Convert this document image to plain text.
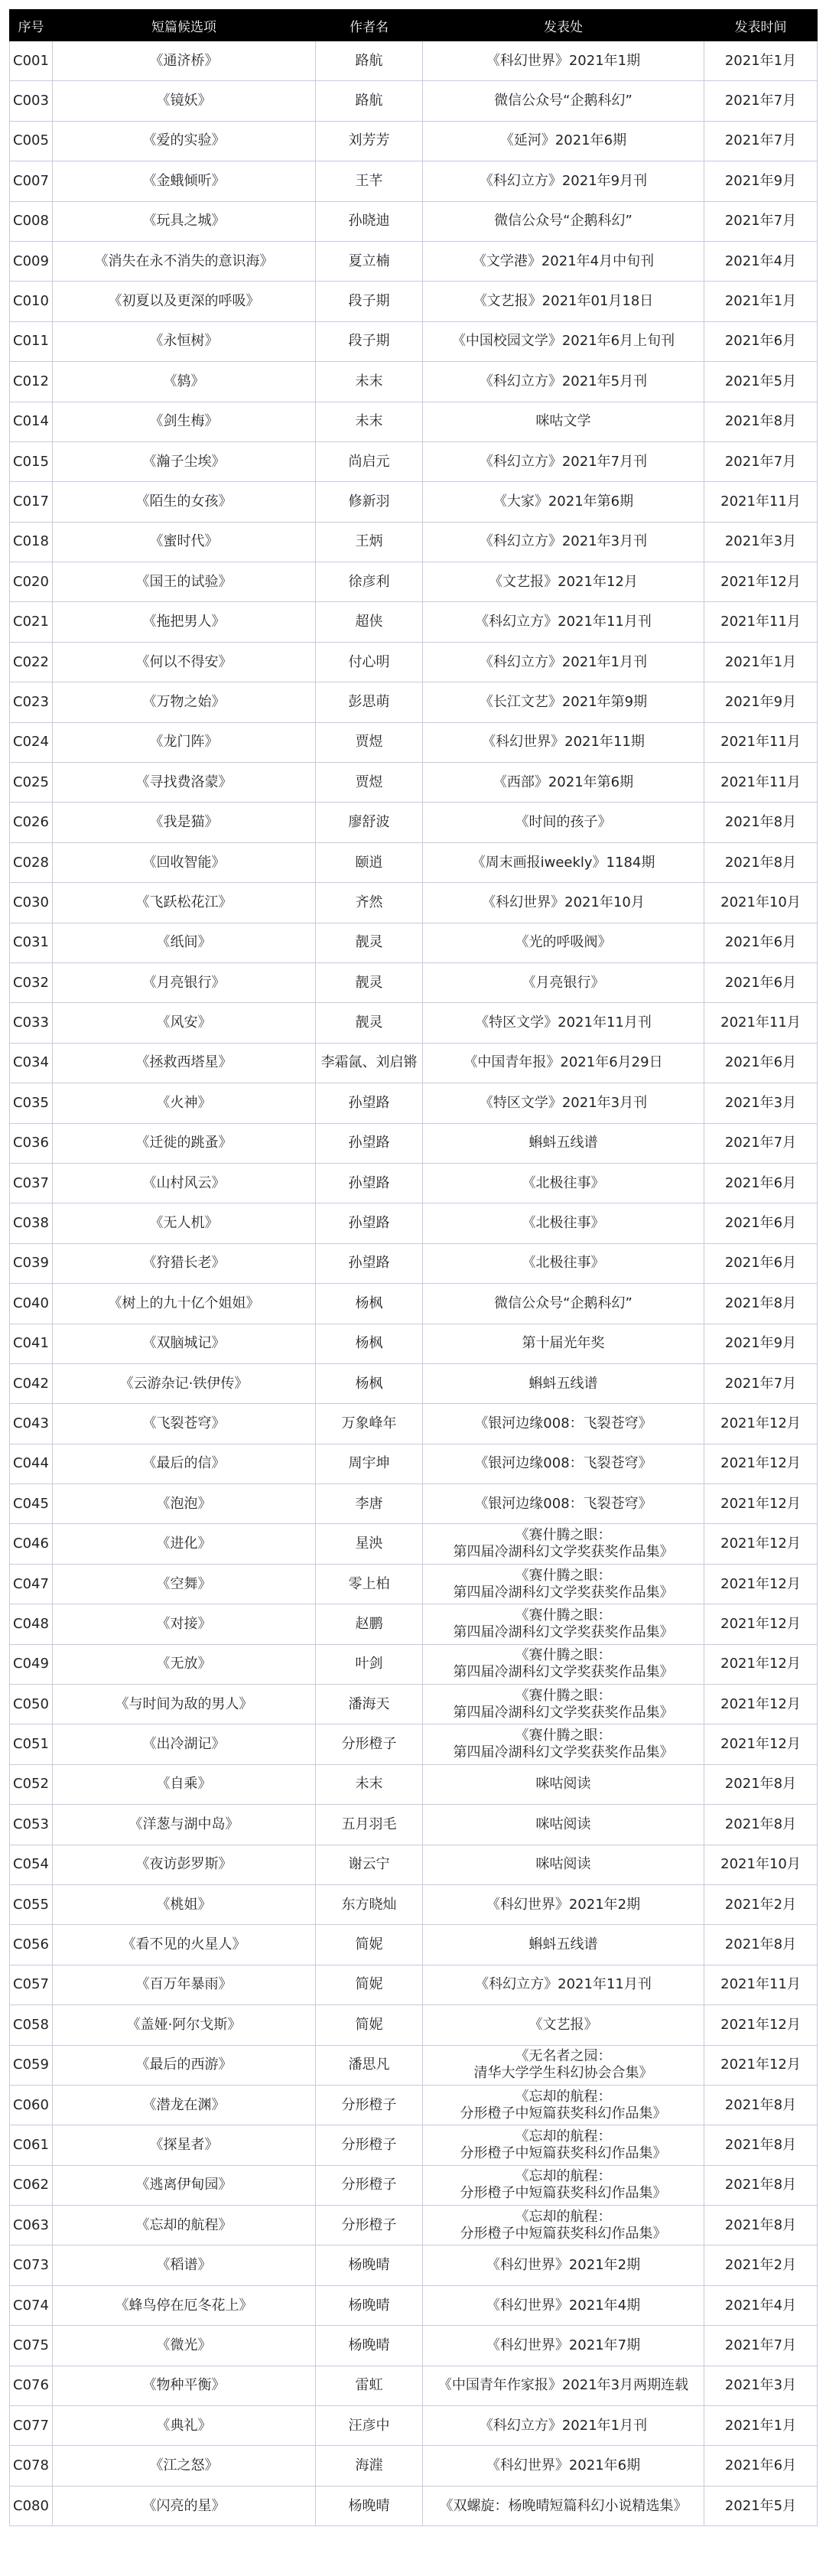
序号	短篇候选项	作者名	发表处	发表时间
C001	《通济桥》	路航	《科幻世界》2021年1期	2021年1月
C003	《镜妖》	路航	微信公众号“企鹅科幻”	2021年7月
C005	《爱的实验》	刘芳芳	《延河》2021年6期	2021年7月
C007	《金蛾倾听》	王芊	《科幻立方》2021年9月刊	2021年9月
C008	《玩具之城》	孙晓迪	微信公众号“企鹅科幻”	2021年7月
C009	《消失在永不消失的意识海》	夏立楠	《文学港》2021年4月中旬刊	2021年4月
C010	《初夏以及更深的呼吸》	段子期	《文艺报》2021年01月18日	2021年1月
C011	《永恒树》	段子期	《中国校园文学》2021年6月上旬刊	2021年6月
C012	《鸫》	未末	《科幻立方》2021年5月刊	2021年5月
C014	《剑生梅》	未末	咪咕文学	2021年8月
C015	《瀚子尘埃》	尚启元	《科幻立方》2021年7月刊	2021年7月
C017	《陌生的女孩》	修新羽	《大家》2021年第6期	2021年11月
C018	《蜜时代》	王炳	《科幻立方》2021年3月刊	2021年3月
C020	《国王的试验》	徐彦利	《文艺报》2021年12月	2021年12月
C021	《拖把男人》	超侠	《科幻立方》2021年11月刊	2021年11月
C022	《何以不得安》	付心明	《科幻立方》2021年1月刊	2021年1月
C023	《万物之始》	彭思萌	《长江文艺》2021年第9期	2021年9月
C024	《龙门阵》	贾煜	《科幻世界》2021年11期	2021年11月
C025	《寻找费洛蒙》	贾煜	《西部》2021年第6期	2021年11月
C026	《我是猫》	廖舒波	《时间的孩子》	2021年8月
C028	《回收智能》	颐逍	《周末画报iweekly》1184期	2021年8月
C030	《飞跃松花江》	齐然	《科幻世界》2021年10月	2021年10月
C031	《纸间》	靓灵	《光的呼吸阀》	2021年6月
C032	《月亮银行》	靓灵	《月亮银行》	2021年6月
C033	《风安》	靓灵	《特区文学》2021年11月刊	2021年11月
C034	《拯救西塔星》	李霜氤、刘启锵	《中国青年报》2021年6月29日	2021年6月
C035	《火神》	孙望路	《特区文学》2021年3月刊	2021年3月
C036	《迁徙的跳蚤》	孙望路	蝌蚪五线谱	2021年7月
C037	《山村风云》	孙望路	《北极往事》	2021年6月
C038	《无人机》	孙望路	《北极往事》	2021年6月
C039	《狩猎长老》	孙望路	《北极往事》	2021年6月
C040	《树上的九十亿个姐姐》	杨枫	微信公众号“企鹅科幻”	2021年8月
C041	《双脑城记》	杨枫	第十届光年奖	2021年9月
C042	《云游杂记·铁伊传》	杨枫	蝌蚪五线谱	2021年7月
C043	《飞裂苍穹》	万象峰年	《银河边缘008：飞裂苍穹》	2021年12月
C044	《最后的信》	周宇坤	《银河边缘008：飞裂苍穹》	2021年12月
C045	《泡泡》	李唐	《银河边缘008：飞裂苍穹》	2021年12月
C046	《进化》	星泱	《赛什腾之眼：
第四届冷湖科幻文学奖获奖作品集》	2021年12月
C047	《空舞》	零上柏	《赛什腾之眼：
第四届冷湖科幻文学奖获奖作品集》	2021年12月
C048	《对接》	赵鹏	《赛什腾之眼：
第四届冷湖科幻文学奖获奖作品集》	2021年12月
C049	《无放》	叶剑	《赛什腾之眼：
第四届冷湖科幻文学奖获奖作品集》	2021年12月
C050	《与时间为敌的男人》	潘海天	《赛什腾之眼：
第四届冷湖科幻文学奖获奖作品集》	2021年12月
C051	《出冷湖记》	分形橙子	《赛什腾之眼：
第四届冷湖科幻文学奖获奖作品集》	2021年12月
C052	《自乘》	未末	咪咕阅读	2021年8月
C053	《洋葱与湖中岛》	五月羽毛	咪咕阅读	2021年8月
C054	《夜访彭罗斯》	谢云宁	咪咕阅读	2021年10月
C055	《桃姐》	东方晓灿	《科幻世界》2021年2期	2021年2月
C056	《看不见的火星人》	简妮	蝌蚪五线谱	2021年8月
C057	《百万年暴雨》	简妮	《科幻立方》2021年11月刊	2021年11月
C058	《盖娅·阿尔戈斯》	简妮	《文艺报》	2021年12月
C059	《最后的西游》	潘思凡	《无名者之园：
清华大学学生科幻协会合集》	2021年12月
C060	《潜龙在渊》	分形橙子	《忘却的航程：
分形橙子中短篇获奖科幻作品集》	2021年8月
C061	《探星者》	分形橙子	《忘却的航程：
分形橙子中短篇获奖科幻作品集》	2021年8月
C062	《逃离伊甸园》	分形橙子	《忘却的航程：
分形橙子中短篇获奖科幻作品集》	2021年8月
C063	《忘却的航程》	分形橙子	《忘却的航程：
分形橙子中短篇获奖科幻作品集》	2021年8月
C073	《稻谱》	杨晚晴	《科幻世界》2021年2期	2021年2月
C074	《蜂鸟停在厄冬花上》	杨晚晴	《科幻世界》2021年4期	2021年4月
C075	《微光》	杨晚晴	《科幻世界》2021年7期	2021年7月
C076	《物种平衡》	雷虹	《中国青年作家报》2021年3月两期连载	2021年3月
C077	《典礼》	汪彦中	《科幻立方》2021年1月刊	2021年1月
C078	《江之怒》	海漄	《科幻世界》2021年6期	2021年6月
C080	《闪亮的星》	杨晚晴	《双螺旋：杨晚晴短篇科幻小说精选集》	2021年5月
